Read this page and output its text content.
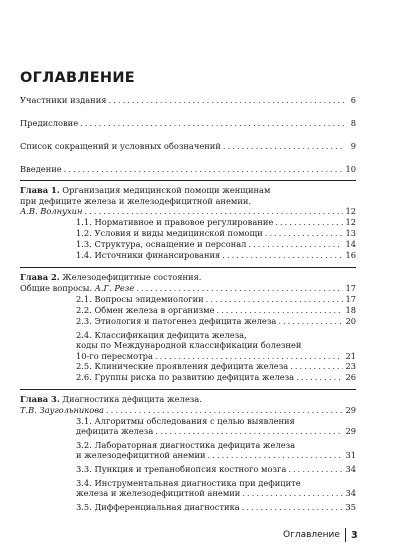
ОГЛАВЛЕНИЕ
Участники издания . . .	6
Предисловие . . .	8
Список сокращений и условных обозначений . . .	9
Введение . . .	10
Глава 1. Организация медицинской помощи женщинам
при дефиците железа и железодефицитной анемии.
А.В. Волнухин . . .	12
1.1. Нормативное и правовое регулирование . . .	12
1.2. Условия и виды медицинской помощи . . .	13
1.3. Структура, оснащение и персонал . . .	14
1.4. Источники финансирования . . .	16
Глава 2. Железодефицитные состояния.
Общие вопросы. А.Г. Резе . . .	17
2.1. Вопросы эпидемиологии . . .	17
2.2. Обмен железа в организме . . .	18
2.3. Этиология и патогенез дефицита железа . . .	20
2.4. Классификация дефицита железа,
коды по Международной классификации болезней
10-го пересмотра . . .	21
2.5. Клинические проявления дефицита железа . . .	23
2.6. Группы риска по развитию дефицита железа . . .	26
Глава 3. Диагностика дефицита железа.
Т.В. Заугольникова . . .	29
3.1. Алгоритмы обследования с целью выявления
дефицита железа . . .	29
3.2. Лабораторная диагностика дефицита железа
и железодефицитной анемии . . .	31
3.3. Пункция и трепанобиопсия костного мозга . . .	34
3.4. Инструментальная диагностика при дефиците
железа и железодефицитной анемии . . .	34
3.5. Дифференциальная диагностика . . .	35
Оглавление 3
